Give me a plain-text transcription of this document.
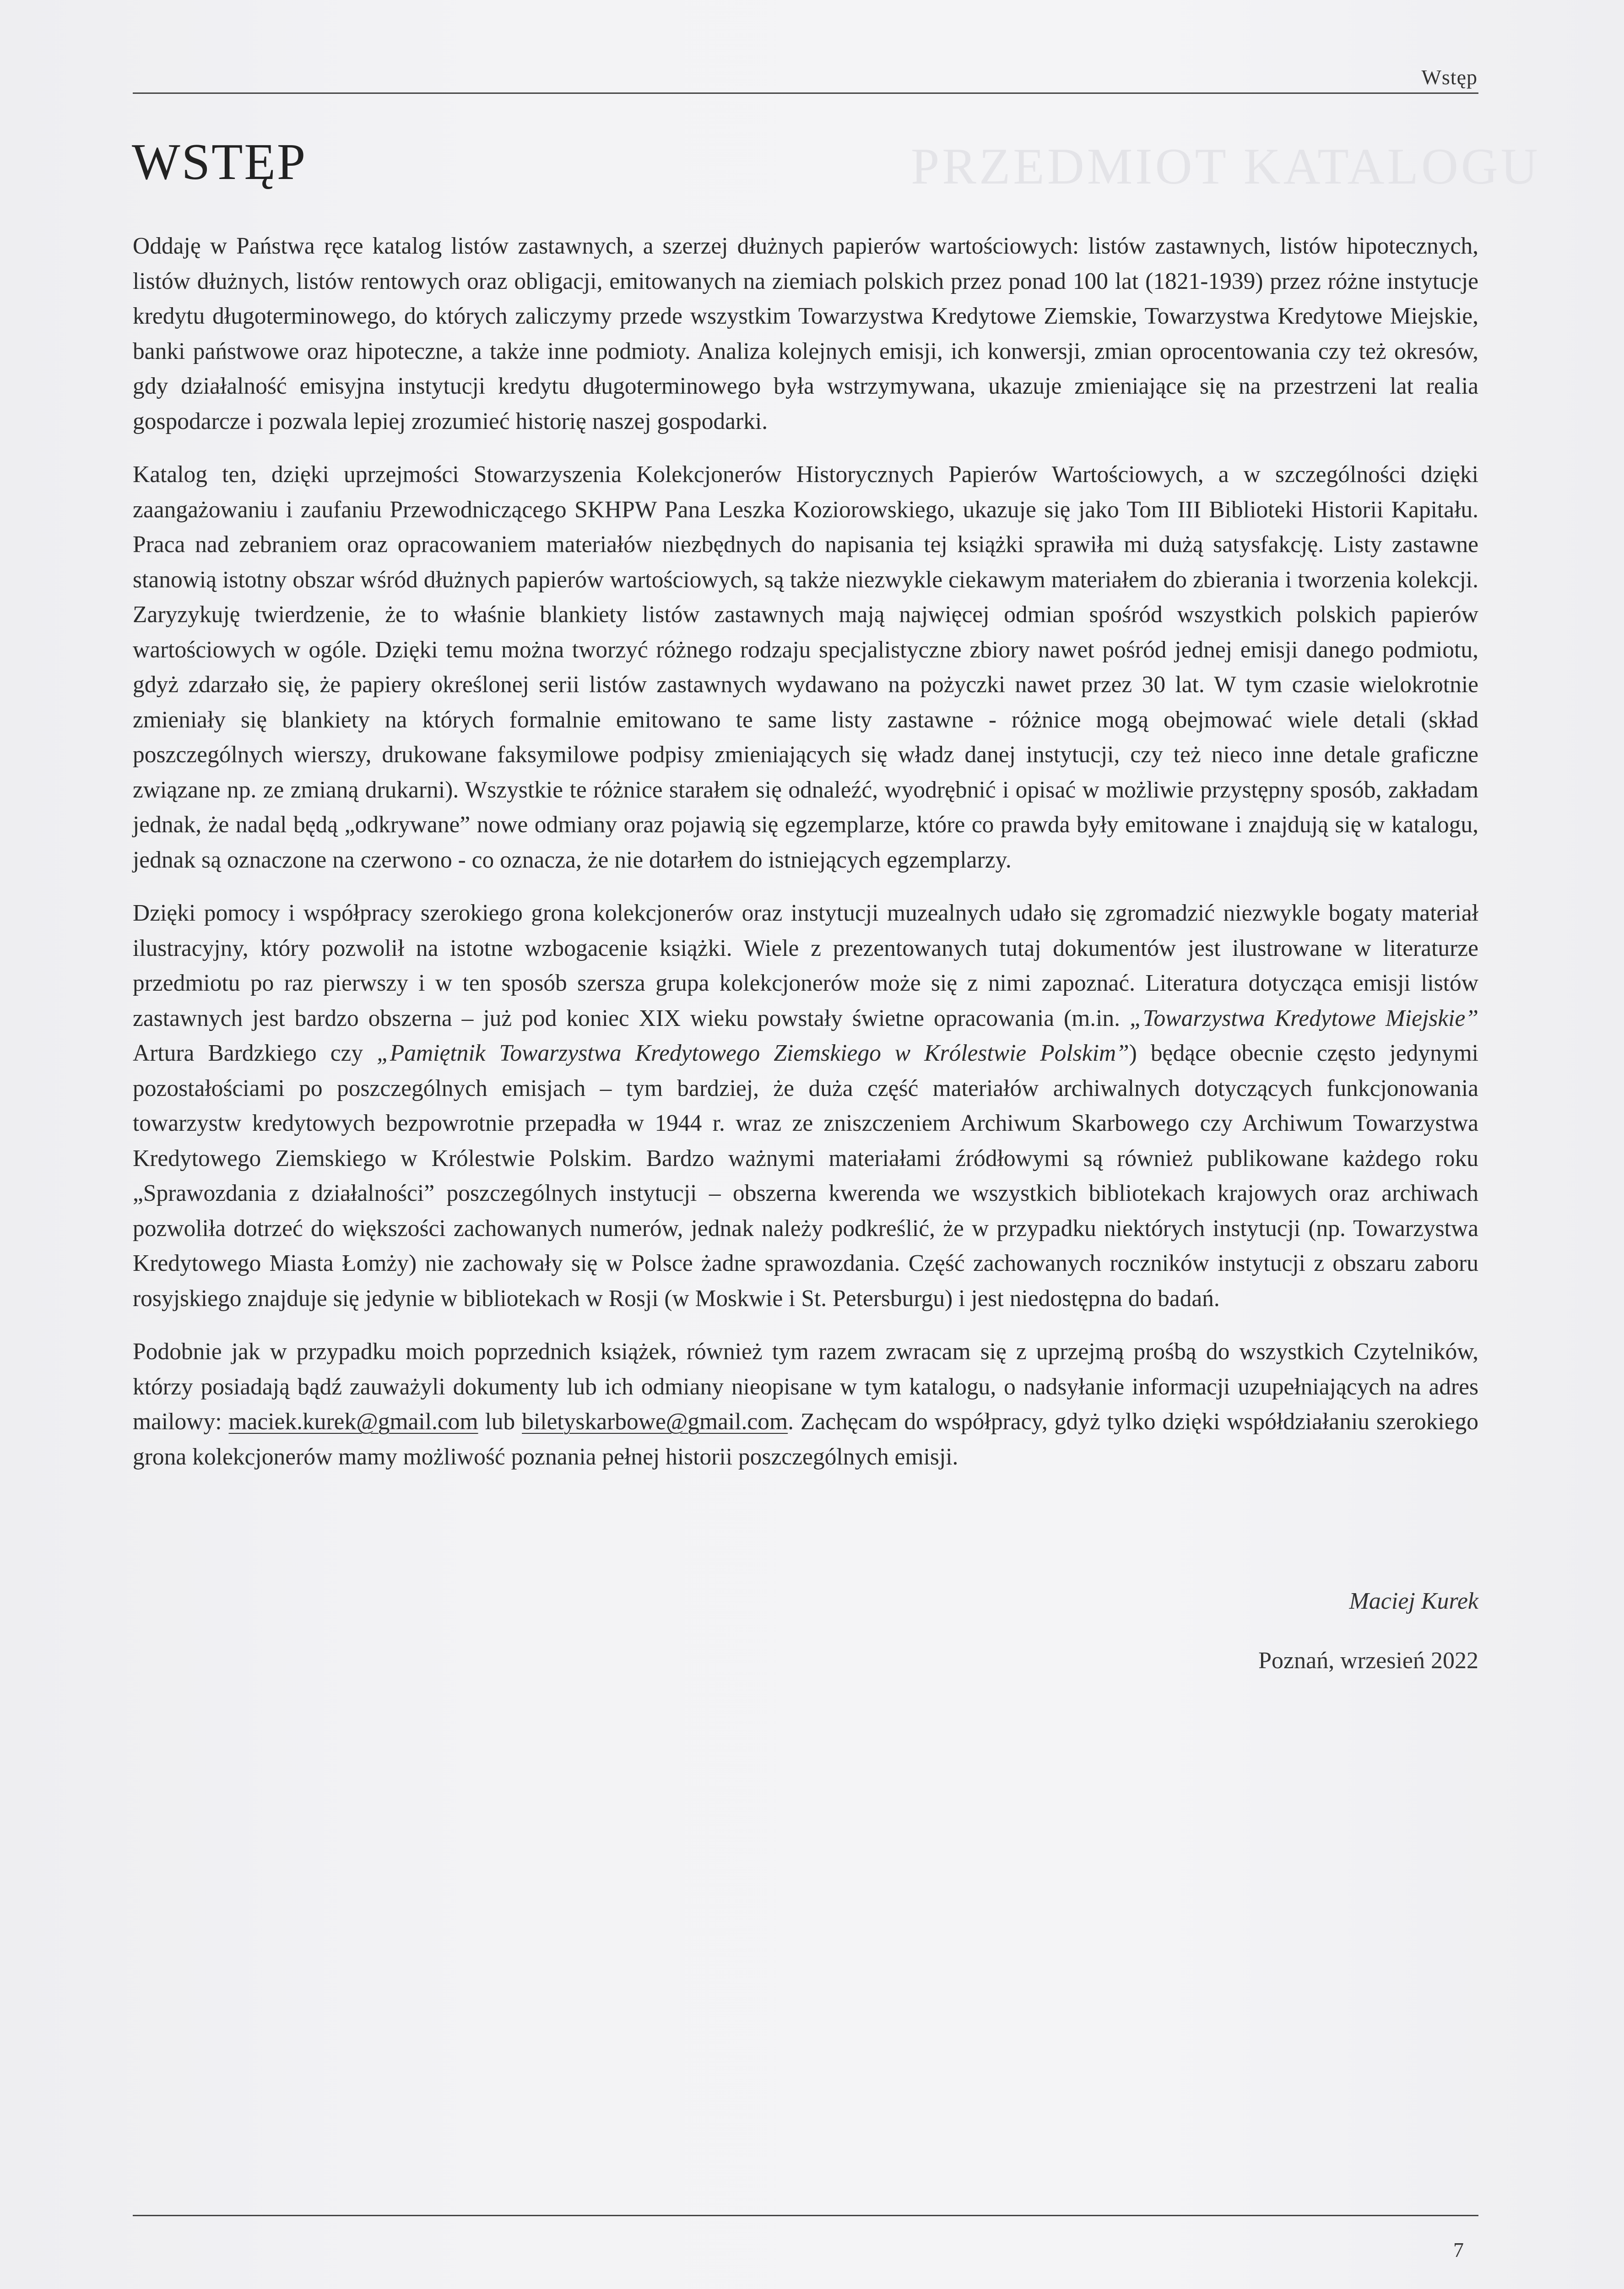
Wstęp
PRZEDMIOT KATALOGU
WSTĘP

Oddaję w Państwa ręce katalog listów zastawnych, a szerzej dłużnych papierów wartościowych: listów zastawnych, listów hipotecznych, listów dłużnych, listów rentowych oraz obligacji, emitowanych na ziemiach polskich przez ponad 100 lat (1821-1939) przez różne instytucje kredytu długoterminowego, do których zaliczymy przede wszystkim Towarzystwa Kredytowe Ziemskie, Towarzystwa Kredytowe Miejskie, banki państwowe oraz hipoteczne, a także inne podmioty. Analiza kolejnych emisji, ich konwersji, zmian oprocentowania czy też okresów, gdy działalność emisyjna instytucji kredytu długoterminowego była wstrzymywana, ukazuje zmieniające się na przestrzeni lat realia gospodarcze i pozwala lepiej zrozumieć historię naszej gospodarki.

Katalog ten, dzięki uprzejmości Stowarzyszenia Kolekcjonerów Historycznych Papierów Wartościowych, a w szczególności dzięki zaangażowaniu i zaufaniu Przewodniczącego SKHPW Pana Leszka Koziorowskiego, ukazuje się jako Tom III Biblioteki Historii Kapitału. Praca nad zebraniem oraz opracowaniem materiałów niezbędnych do napisania tej książki sprawiła mi dużą satysfakcję. Listy zastawne stanowią istotny obszar wśród dłużnych papierów wartościowych, są także niezwykle ciekawym materiałem do zbierania i tworzenia kolekcji. Zaryzykuję twierdzenie, że to właśnie blankiety listów zastawnych mają najwięcej odmian spośród wszystkich polskich papierów wartościowych w ogóle. Dzięki temu można tworzyć różnego rodzaju specjalistyczne zbiory nawet pośród jednej emisji danego podmiotu, gdyż zdarzało się, że papiery określonej serii listów zastawnych wydawano na pożyczki nawet przez 30 lat. W tym czasie wielokrotnie zmieniały się blankiety na których formalnie emitowano te same listy zastawne - różnice mogą obejmować wiele detali (skład poszczególnych wierszy, drukowane faksymilowe podpisy zmieniających się władz danej instytucji, czy też nieco inne detale graficzne związane np. ze zmianą drukarni). Wszystkie te różnice starałem się odnaleźć, wyodrębnić i opisać w możliwie przystępny sposób, zakładam jednak, że nadal będą „odkrywane” nowe odmiany oraz pojawią się egzemplarze, które co prawda były emitowane i znajdują się w katalogu, jednak są oznaczone na czerwono - co oznacza, że nie dotarłem do istniejących egzemplarzy.

Dzięki pomocy i współpracy szerokiego grona kolekcjonerów oraz instytucji muzealnych udało się zgromadzić niezwykle bogaty materiał ilustracyjny, który pozwolił na istotne wzbogacenie książki. Wiele z prezentowanych tutaj dokumentów jest ilustrowane w literaturze przedmiotu po raz pierwszy i w ten sposób szersza grupa kolekcjonerów może się z nimi zapoznać. Literatura dotycząca emisji listów zastawnych jest bardzo obszerna – już pod koniec XIX wieku powstały świetne opracowania (m.in. „Towarzystwa Kredytowe Miejskie” Artura Bardzkiego czy „Pamiętnik Towarzystwa Kredytowego Ziemskiego w Królestwie Polskim”) będące obecnie często jedynymi pozostałościami po poszczególnych emisjach – tym bardziej, że duża część materiałów archiwalnych dotyczących funkcjonowania towarzystw kredytowych bezpowrotnie przepadła w 1944 r. wraz ze zniszczeniem Archiwum Skarbowego czy Archiwum Towarzystwa Kredytowego Ziemskiego w Królestwie Polskim. Bardzo ważnymi materiałami źródłowymi są również publikowane każdego roku „Sprawozdania z działalności” poszczególnych instytucji – obszerna kwerenda we wszystkich bibliotekach krajowych oraz archiwach pozwoliła dotrzeć do większości zachowanych numerów, jednak należy podkreślić, że w przypadku niektórych instytucji (np. Towarzystwa Kredytowego Miasta Łomży) nie zachowały się w Polsce żadne sprawozdania. Część zachowanych roczników instytucji z obszaru zaboru rosyjskiego znajduje się jedynie w bibliotekach w Rosji (w Moskwie i St. Petersburgu) i jest niedostępna do badań.

Podobnie jak w przypadku moich poprzednich książek, również tym razem zwracam się z uprzejmą prośbą do wszystkich Czytelników, którzy posiadają bądź zauważyli dokumenty lub ich odmiany nieopisane w tym katalogu, o nadsyłanie informacji uzupełniających na adres mailowy: maciek.kurek@gmail.com lub biletyskarbowe@gmail.com. Zachęcam do współpracy, gdyż tylko dzięki współdziałaniu szerokiego grona kolekcjonerów mamy możliwość poznania pełnej historii poszczególnych emisji.

Maciej Kurek
Poznań, wrzesień 2022
7
